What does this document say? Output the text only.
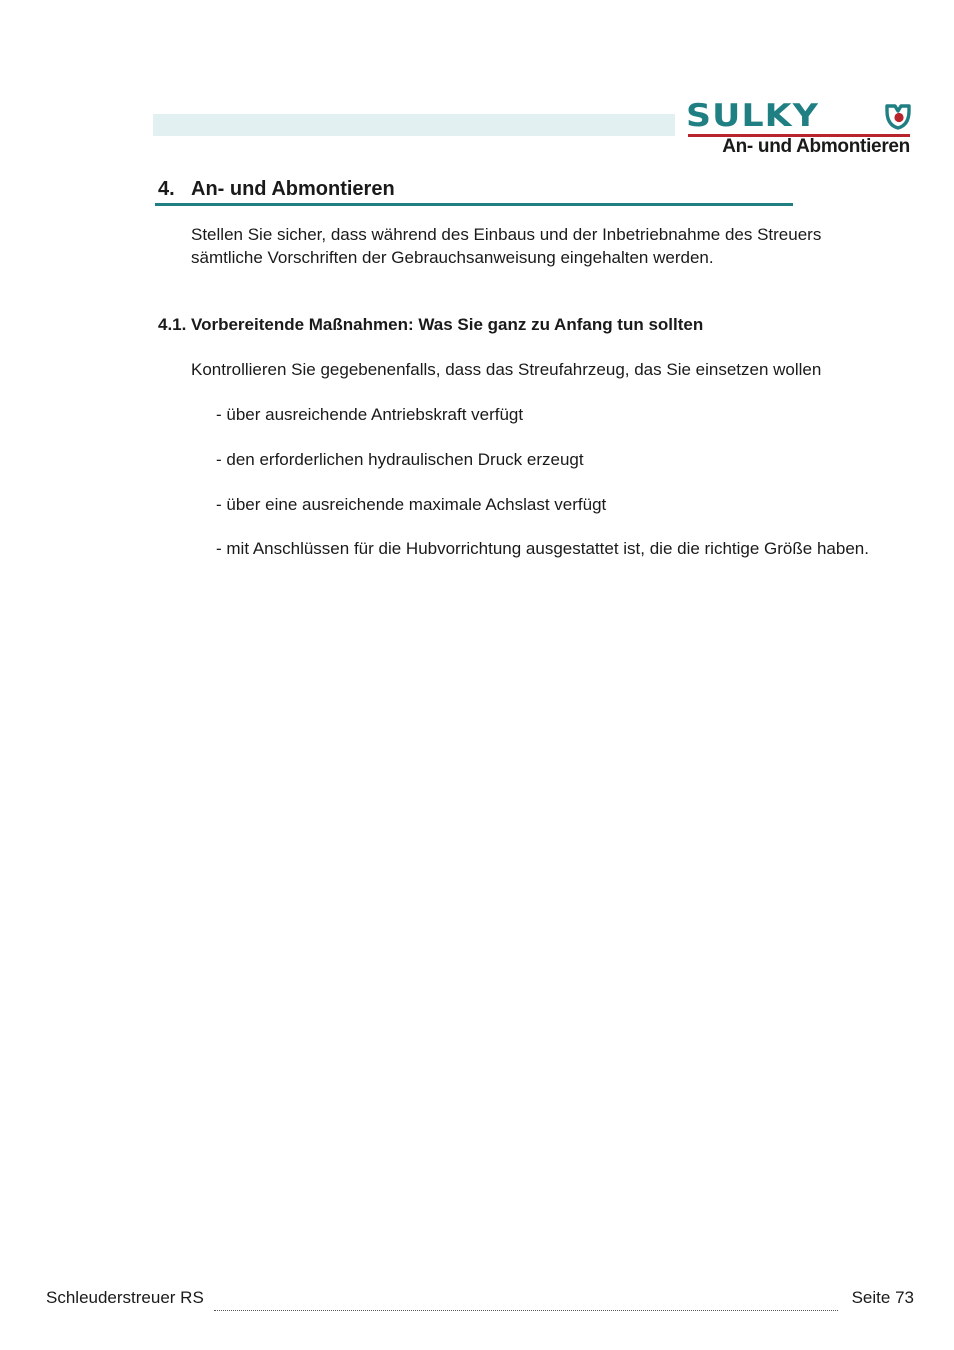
SULKY
An- und Abmontieren
4. An- und Abmontieren
Stellen Sie sicher, dass während des Einbaus und der Inbetriebnahme des Streuers sämtliche Vorschriften der Gebrauchsanweisung eingehalten werden.
4.1. Vorbereitende Maßnahmen: Was Sie ganz zu Anfang tun sollten
Kontrollieren Sie gegebenenfalls, dass das Streufahrzeug, das Sie einsetzen wollen
- über ausreichende Antriebskraft verfügt
- den erforderlichen hydraulischen Druck erzeugt
- über eine ausreichende maximale Achslast verfügt
- mit Anschlüssen für die Hubvorrichtung ausgestattet ist, die die richtige Größe haben.
Schleuderstreuer RS	Seite
73
